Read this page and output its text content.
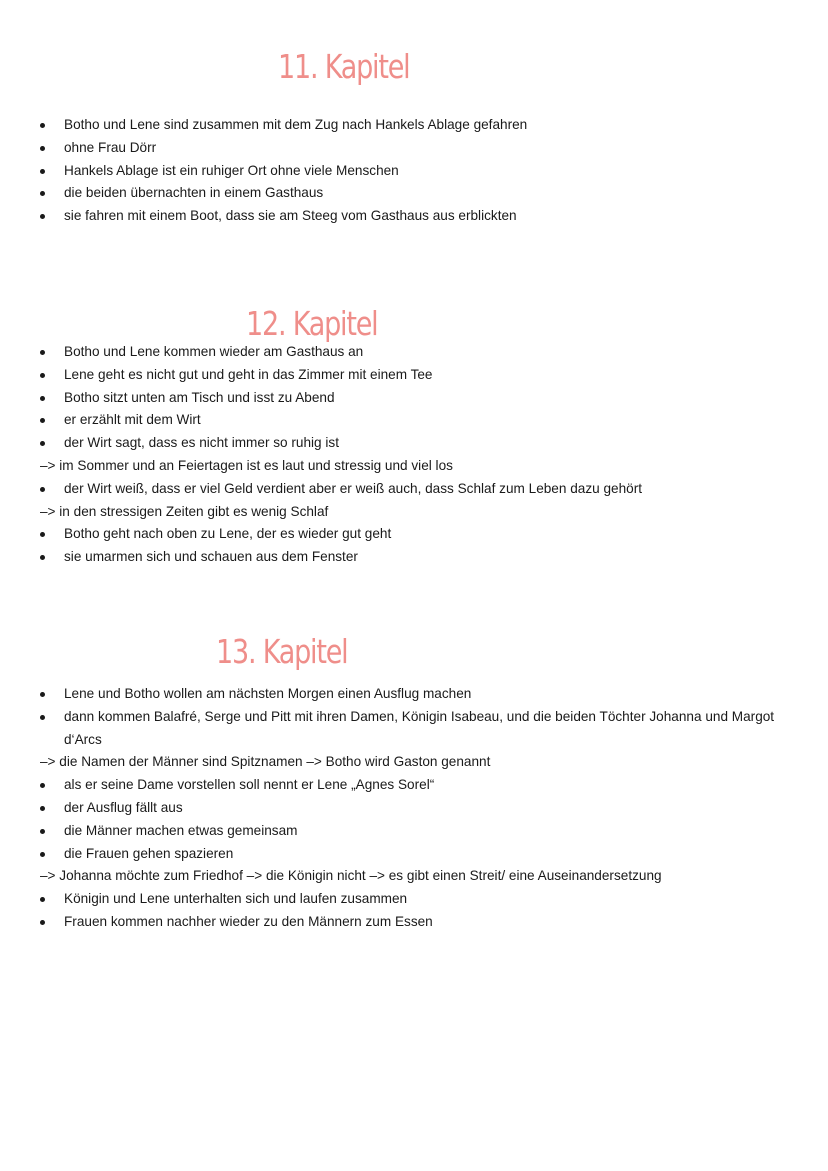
11. Kapitel
Botho und Lene sind zusammen mit dem Zug nach Hankels Ablage gefahren
ohne Frau Dörr
Hankels Ablage ist ein ruhiger Ort ohne viele Menschen
die beiden übernachten in einem Gasthaus
sie fahren mit einem Boot, dass sie am Steeg vom Gasthaus aus erblickten
12. Kapitel
Botho und Lene kommen wieder am Gasthaus an
Lene geht es nicht gut und geht in das Zimmer mit einem Tee
Botho sitzt unten am Tisch und isst zu Abend
er erzählt mit dem Wirt
der Wirt sagt, dass es nicht immer so ruhig ist
–> im Sommer und an Feiertagen ist es laut und stressig und viel los
der Wirt weiß, dass er viel Geld verdient aber er weiß auch, dass Schlaf zum Leben dazu gehört
–> in den stressigen Zeiten gibt es wenig Schlaf
Botho geht nach oben zu Lene, der es wieder gut geht
sie umarmen sich und schauen aus dem Fenster
13. Kapitel
Lene und Botho wollen am nächsten Morgen einen Ausflug machen
dann kommen Balafré, Serge und Pitt mit ihren Damen, Königin Isabeau, und die beiden Töchter Johanna und Margot d‘Arcs
–> die Namen der Männer sind Spitznamen –> Botho wird Gaston genannt
als er seine Dame vorstellen soll nennt er Lene „Agnes Sorel“
der Ausflug fällt aus
die Männer machen etwas gemeinsam
die Frauen gehen spazieren
–> Johanna möchte zum Friedhof –> die Königin nicht –> es gibt einen Streit/ eine Auseinandersetzung
Königin und Lene unterhalten sich und laufen zusammen
Frauen kommen nachher wieder zu den Männern zum Essen
